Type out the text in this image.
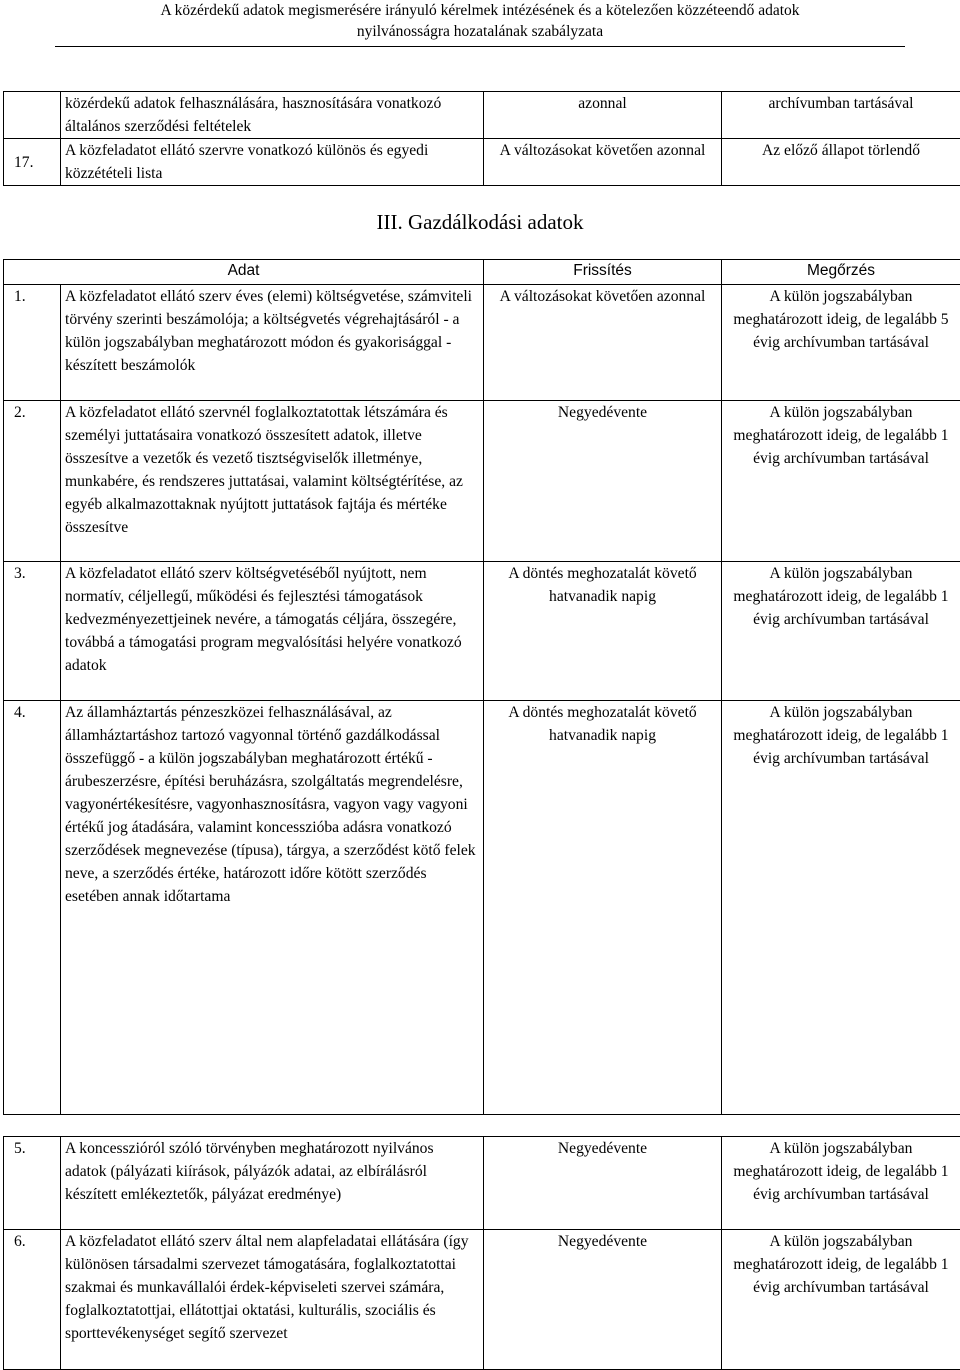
A közérdekű adatok megismerésére irányuló kérelmek intézésének és a kötelezően közzéteendő adatok
nyilvánosságra hozatalának szabályzata
	közérdekű adatok felhasználására, hasznosítására vonatkozó általános szerződési feltételek	azonnal	archívumban tartásával
17.	A közfeladatot ellátó szervre vonatkozó különös és egyedi közzétételi lista	A változásokat követően azonnal	Az előző állapot törlendő
III. Gazdálkodási adatok
Adat		Frissítés	Megőrzés
1.	A közfeladatot ellátó szerv éves (elemi) költségvetése, számviteli törvény szerinti beszámolója; a költségvetés végrehajtásáról - a külön jogszabályban meghatározott módon és gyakorisággal - készített beszámolók	A változásokat követően azonnal	A külön jogszabályban meghatározott ideig, de legalább 5 évig archívumban tartásával
2.	A közfeladatot ellátó szervnél foglalkoztatottak létszámára és személyi juttatásaira vonatkozó összesített adatok, illetve összesítve a vezetők és vezető tisztségviselők illetménye, munkabére, és rendszeres juttatásai, valamint költségtérítése, az egyéb alkalmazottaknak nyújtott juttatások fajtája és mértéke összesítve	Negyedévente	A külön jogszabályban meghatározott ideig, de legalább 1 évig archívumban tartásával
3.	A közfeladatot ellátó szerv költségvetéséből nyújtott, nem normatív, céljellegű, működési és fejlesztési támogatások kedvezményezettjeinek nevére, a támogatás céljára, összegére, továbbá a támogatási program megvalósítási helyére vonatkozó adatok	A döntés meghozatalát követő hatvanadik napig	A külön jogszabályban meghatározott ideig, de legalább 1 évig archívumban tartásával
4.	Az államháztartás pénzeszközei felhasználásával, az államháztartáshoz tartozó vagyonnal történő gazdálkodással összefüggő - a külön jogszabályban meghatározott értékű - árubeszerzésre, építési beruházásra, szolgáltatás megrendelésre, vagyonértékesítésre, vagyonhasznosításra, vagyon vagy vagyoni értékű jog átadására, valamint koncesszióba adásra vonatkozó szerződések megnevezése (típusa), tárgya, a szerződést kötő felek neve, a szerződés értéke, határozott időre kötött szerződés esetében annak időtartama	A döntés meghozatalát követő hatvanadik napig	A külön jogszabályban meghatározott ideig, de legalább 1 évig archívumban tartásával
5.	A koncesszióról szóló törvényben meghatározott nyilvános adatok (pályázati kiírások, pályázók adatai, az elbírálásról készített emlékeztetők, pályázat eredménye)	Negyedévente	A külön jogszabályban meghatározott ideig, de legalább 1 évig archívumban tartásával
6.	A közfeladatot ellátó szerv által nem alapfeladatai ellátására (így különösen társadalmi szervezet támogatására, foglalkoztatottai szakmai és munkavállalói érdek-képviseleti szervei számára, foglalkoztatottjai, ellátottjai oktatási, kulturális, szociális és sporttevékenységet segítő szervezet	Negyedévente	A külön jogszabályban meghatározott ideig, de legalább 1 évig archívumban tartásával
